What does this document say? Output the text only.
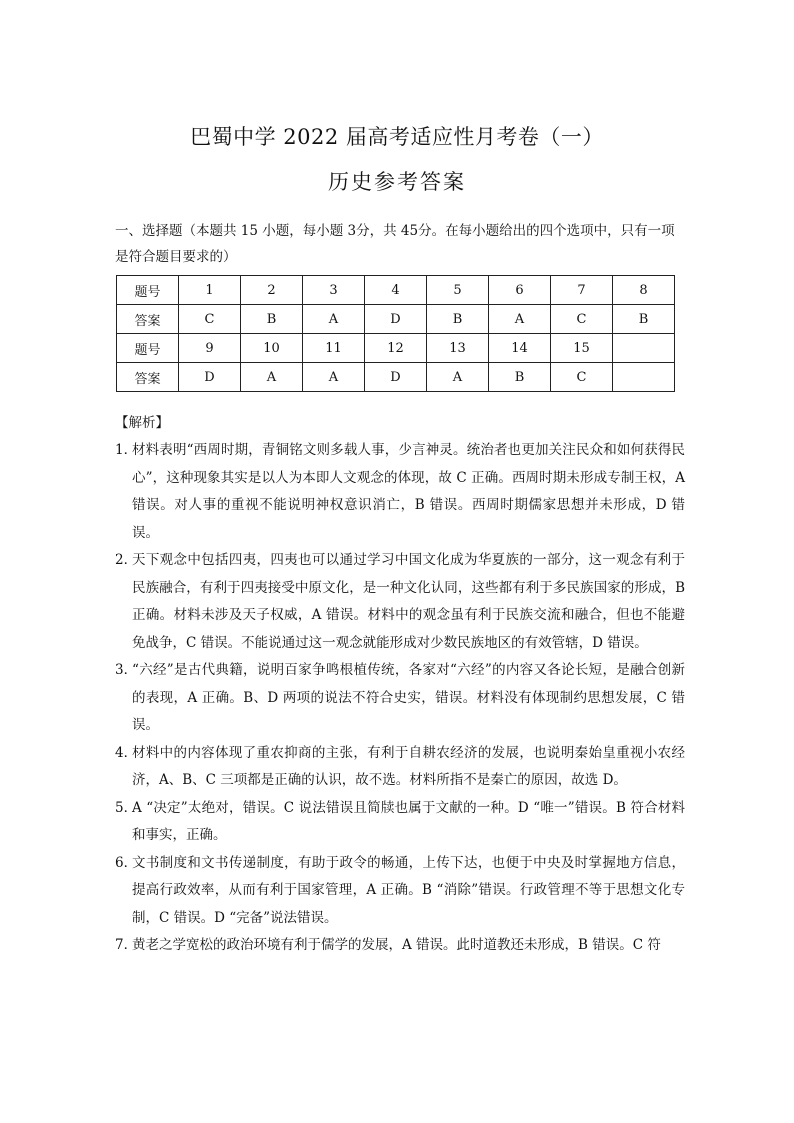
巴蜀中学 2022 届高考适应性月考卷（一）
历史参考答案
一、选择题（本题共 15 小题，每小题 3分，共 45分。在每小题给出的四个选项中，只有一项是符合题目要求的）
题号	1	2	3	4	5	6	7	8
答案	C	B	A	D	B	A	C	B
题号	9	10	11	12	13	14	15	
答案	D	A	A	D	A	B	C	
【解析】
1．
材料表明“西周时期，青铜铭文则多载人事，少言神灵。统治者也更加关注民众和如何获得民心”，这种现象其实是以人为本即人文观念的体现，故 C 正确。西周时期未形成专制王权，A 错误。对人事的重视不能说明神权意识消亡，B 错误。西周时期儒家思想并未形成，D 错误。
2．
天下观念中包括四夷，四夷也可以通过学习中国文化成为华夏族的一部分，这一观念有利于民族融合，有利于四夷接受中原文化，是一种文化认同，这些都有利于多民族国家的形成，B 正确。材料未涉及天子权威，A 错误。材料中的观念虽有利于民族交流和融合，但也不能避免战争，C 错误。不能说通过这一观念就能形成对少数民族地区的有效管辖，D 错误。
3．
“六经”是古代典籍，说明百家争鸣根植传统，各家对“六经”的内容又各论长短，是融合创新的表现，A 正确。B、D 两项的说法不符合史实，错误。材料没有体现制约思想发展，C 错误。
4．
材料中的内容体现了重农抑商的主张，有利于自耕农经济的发展，也说明秦始皇重视小农经济，A、B、C 三项都是正确的认识，故不选。材料所指不是秦亡的原因，故选 D。
5．
A “决定”太绝对，错误。C 说法错误且简牍也属于文献的一种。D “唯一”错误。B 符合材料和事实，正确。
6．
文书制度和文书传递制度，有助于政令的畅通，上传下达，也便于中央及时掌握地方信息，提高行政效率，从而有利于国家管理，A 正确。B “消除”错误。行政管理不等于思想文化专制，C 错误。D “完备”说法错误。
7．
黄老之学宽松的政治环境有利于儒学的发展，A 错误。此时道教还未形成，B 错误。C 符
